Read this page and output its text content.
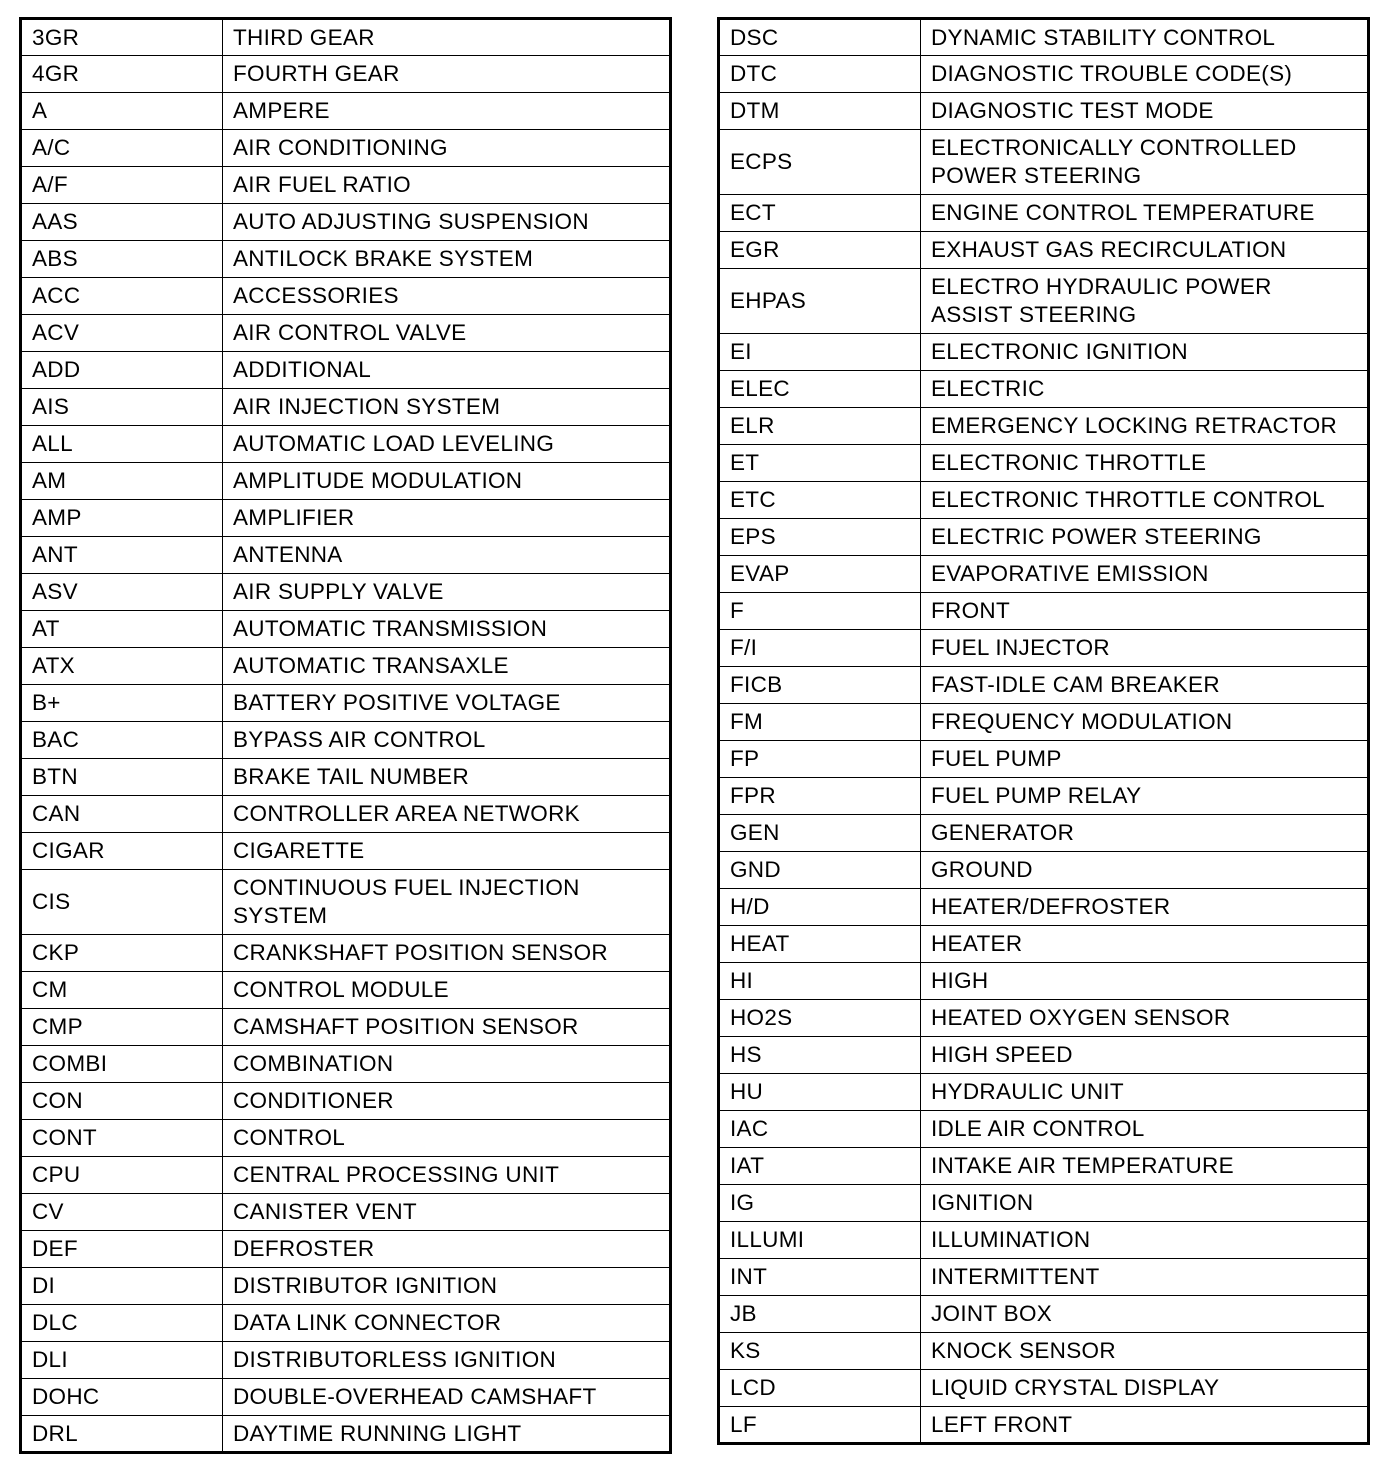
3GR	THIRD GEAR
4GR	FOURTH GEAR
A	AMPERE
A/C	AIR CONDITIONING
A/F	AIR FUEL RATIO
AAS	AUTO ADJUSTING SUSPENSION
ABS	ANTILOCK BRAKE SYSTEM
ACC	ACCESSORIES
ACV	AIR CONTROL VALVE
ADD	ADDITIONAL
AIS	AIR INJECTION SYSTEM
ALL	AUTOMATIC LOAD LEVELING
AM	AMPLITUDE MODULATION
AMP	AMPLIFIER
ANT	ANTENNA
ASV	AIR SUPPLY VALVE
AT	AUTOMATIC TRANSMISSION
ATX	AUTOMATIC TRANSAXLE
B+	BATTERY POSITIVE VOLTAGE
BAC	BYPASS AIR CONTROL
BTN	BRAKE TAIL NUMBER
CAN	CONTROLLER AREA NETWORK
CIGAR	CIGARETTE
CIS	CONTINUOUS FUEL INJECTION
SYSTEM
CKP	CRANKSHAFT POSITION SENSOR
CM	CONTROL MODULE
CMP	CAMSHAFT POSITION SENSOR
COMBI	COMBINATION
CON	CONDITIONER
CONT	CONTROL
CPU	CENTRAL PROCESSING UNIT
CV	CANISTER VENT
DEF	DEFROSTER
DI	DISTRIBUTOR IGNITION
DLC	DATA LINK CONNECTOR
DLI	DISTRIBUTORLESS IGNITION
DOHC	DOUBLE-OVERHEAD CAMSHAFT
DRL	DAYTIME RUNNING LIGHT
DSC	DYNAMIC STABILITY CONTROL
DTC	DIAGNOSTIC TROUBLE CODE(S)
DTM	DIAGNOSTIC TEST MODE
ECPS	ELECTRONICALLY CONTROLLED
POWER STEERING
ECT	ENGINE CONTROL TEMPERATURE
EGR	EXHAUST GAS RECIRCULATION
EHPAS	ELECTRO HYDRAULIC POWER
ASSIST STEERING
EI	ELECTRONIC IGNITION
ELEC	ELECTRIC
ELR	EMERGENCY LOCKING RETRACTOR
ET	ELECTRONIC THROTTLE
ETC	ELECTRONIC THROTTLE CONTROL
EPS	ELECTRIC POWER STEERING
EVAP	EVAPORATIVE EMISSION
F	FRONT
F/I	FUEL INJECTOR
FICB	FAST-IDLE CAM BREAKER
FM	FREQUENCY MODULATION
FP	FUEL PUMP
FPR	FUEL PUMP RELAY
GEN	GENERATOR
GND	GROUND
H/D	HEATER/DEFROSTER
HEAT	HEATER
HI	HIGH
HO2S	HEATED OXYGEN SENSOR
HS	HIGH SPEED
HU	HYDRAULIC UNIT
IAC	IDLE AIR CONTROL
IAT	INTAKE AIR TEMPERATURE
IG	IGNITION
ILLUMI	ILLUMINATION
INT	INTERMITTENT
JB	JOINT BOX
KS	KNOCK SENSOR
LCD	LIQUID CRYSTAL DISPLAY
LF	LEFT FRONT
